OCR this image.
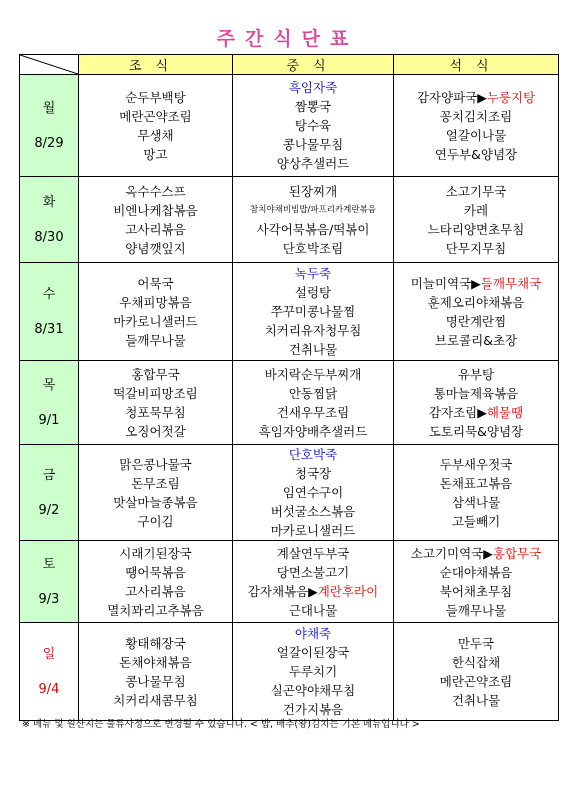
주간식단표
	조식	중식	석식

월
8/29	순두부백탕
메란곤약조림
무생채
망고	흑임자죽
짬뽕국
탕수육
콩나물무침
양상추샐러드	감자양파국▶누룽지탕
꽁치김치조림
얼갈이나물
연두부&양념장

화
8/30	옥수수스프
비엔나케찹볶음
고사리볶음
양념깻잎지	된장찌개
참치야채비빔밥/파프리카계란볶음
사각어묵볶음/떡볶이
단호박조림	소고기무국
카레
느타리양면초무침
단무지무침

수
8/31	어묵국
우채피망볶음
마카로니샐러드
들깨무나물	녹두죽
설렁탕
쭈꾸미콩나물찜
치커리유자청무침
건취나물	미늘미역국▶들깨무채국
훈제오리야채볶음
명란계란찜
브로콜리&초장

목
9/1	홍합무국
떡갈비피망조림
청포묵무침
오징어젓갈	바지락순두부찌개
안동찜닭
건새우무조림
흑임자양배추샐러드	유부탕
통마늘제육볶음
감자조림▶해물땡
도토리묵&양념장

금
9/2	맑은콩나물국
돈무조림
맛살마늘종볶음
구이김	단호박죽
청국장
임연수구이
버섯굴소스볶음
마카로니샐러드	두부새우젓국
돈채표고볶음
삼색나물
고들빼기

토
9/3	시래기된장국
땡어묵볶음
고사리볶음
멸치꽈리고추볶음	계살연두부국
당면소불고기
감자채볶음▶계란후라이
근대나물	소고기미역국▶홍합무국
순대야채볶음
북어채초무침
들깨무나물

일
9/4	황태해장국
돈채야채볶음
콩나물무침
치커리새콤무침	야채죽
얼갈이된장국
두루치기
실곤약야채무침
건가지볶음	만두국
한식잡채
메란곤약조림
건취나물
※ 메뉴 및 원산지는 물류사정으로 변경될 수 있습니다. < 밥, 배추(왕)김치는 기본 메뉴입니다 >
